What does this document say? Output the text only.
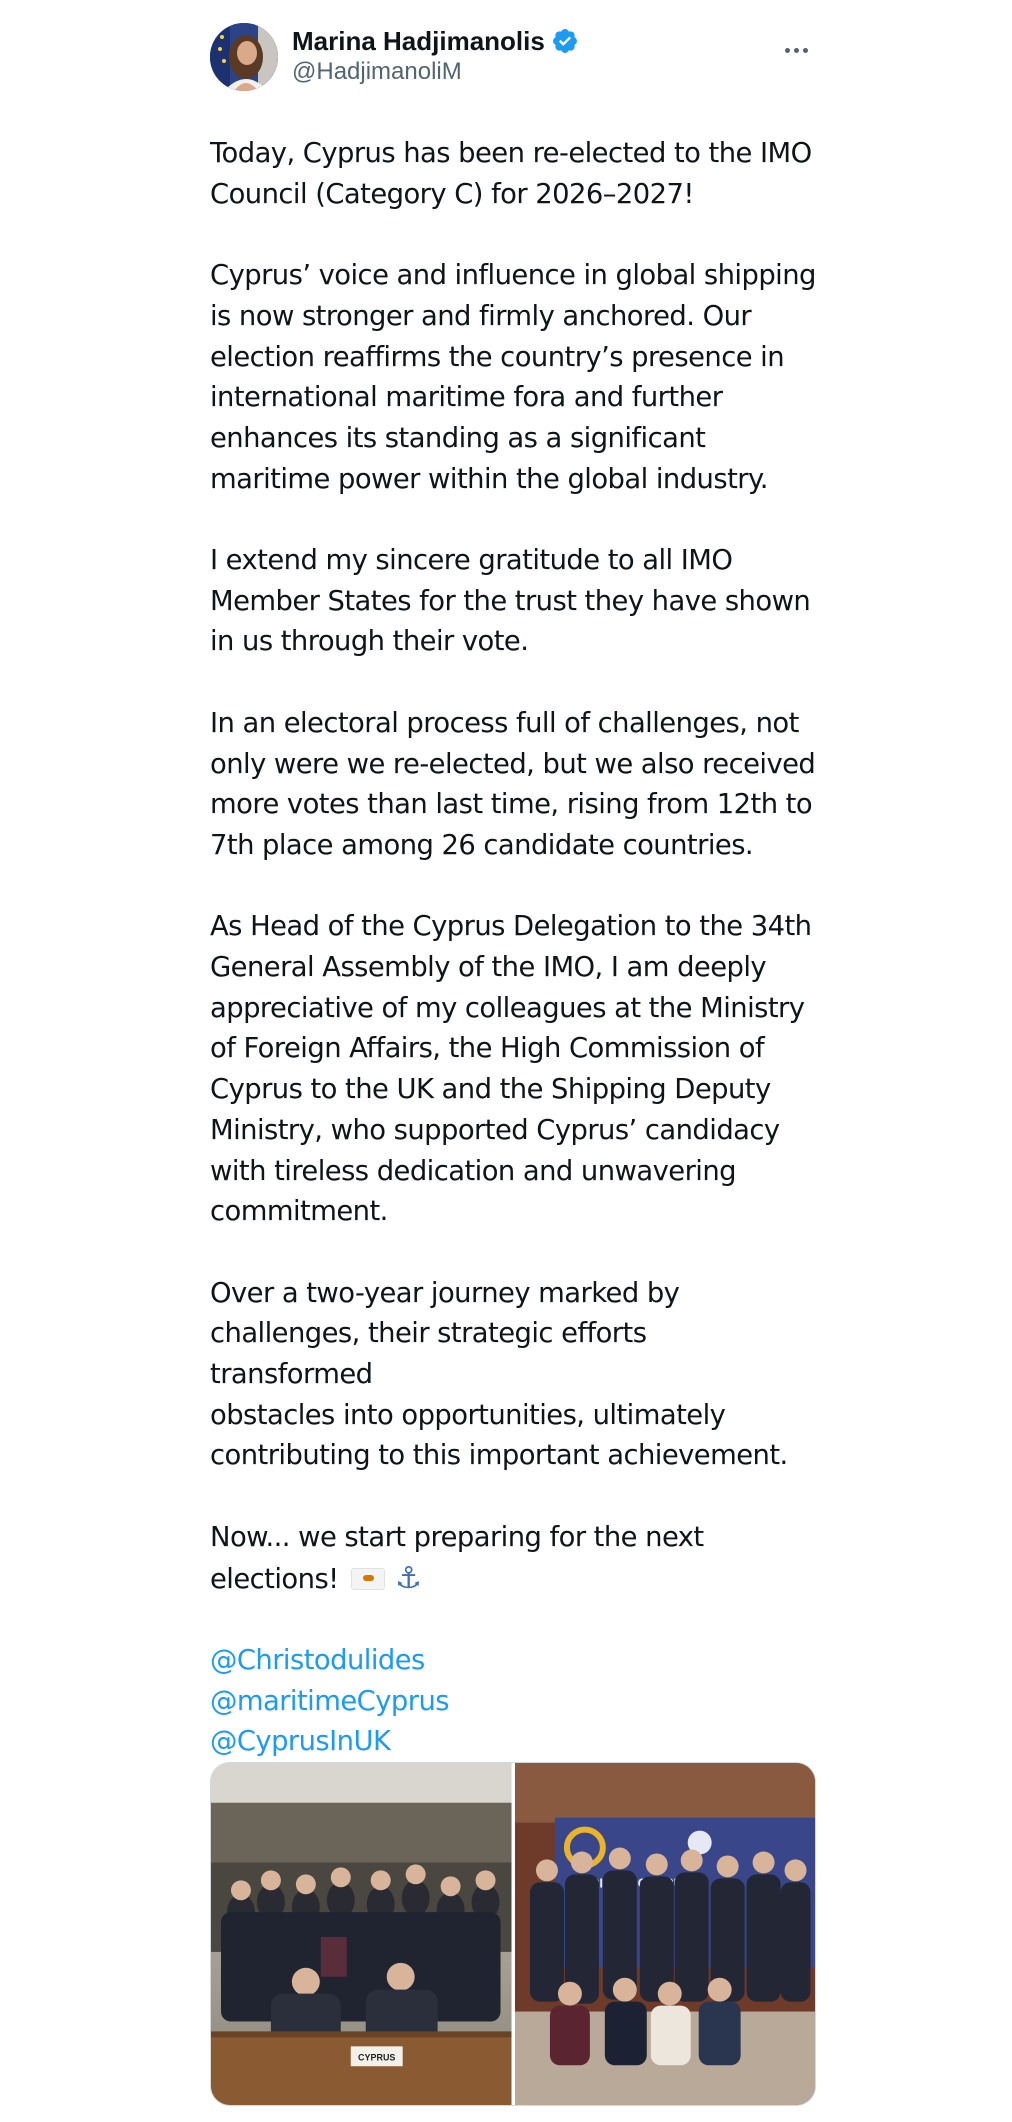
Marina Hadjimanolis
@HadjimanoliM
Today, Cyprus has been re-elected to the IMO
Council (Category C) for 2026–2027!
Cyprus’ voice and influence in global shipping
is now stronger and firmly anchored. Our
election reaffirms the country’s presence in
international maritime fora and further
enhances its standing as a significant
maritime power within the global industry.
I extend my sincere gratitude to all IMO
Member States for the trust they have shown
in us through their vote.
In an electoral process full of challenges, not
only were we re-elected, but we also received
more votes than last time, rising from 12th to
7th place among 26 candidate countries.
As Head of the Cyprus Delegation to the 34th
General Assembly of the IMO, I am deeply
appreciative of my colleagues at the Ministry
of Foreign Affairs, the High Commission of
Cyprus to the UK and the Shipping Deputy
Ministry, who supported Cyprus’ candidacy
with tireless dedication and unwavering
commitment.
Over a two-year journey marked by
challenges, their strategic efforts transformed
obstacles into opportunities, ultimately
contributing to this important achievement.
Now... we start preparing for the next
elections! ⚓
@Christodulides
@maritimeCyprus
@CyprusInUK
CYPRUS
MARITIME
